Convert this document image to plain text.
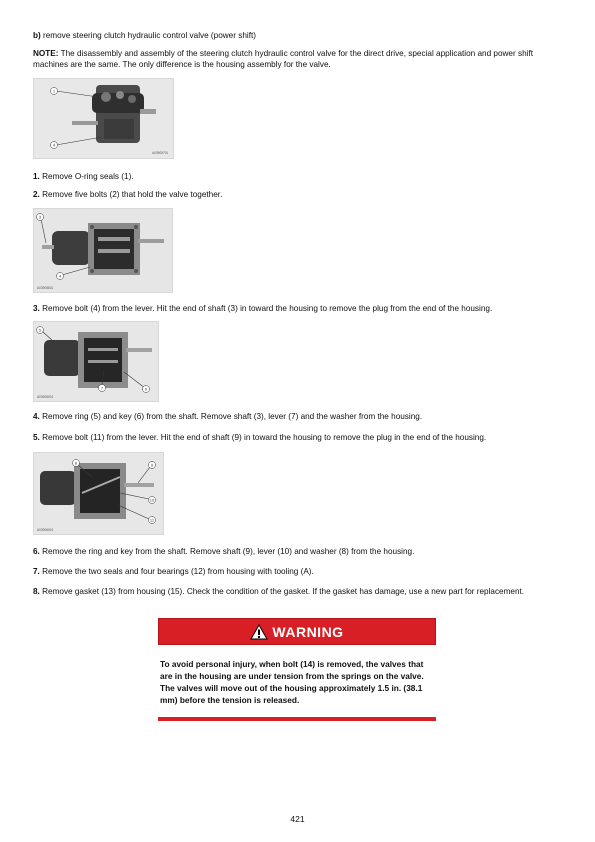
b) remove steering clutch hydraulic control valve (power shift)

NOTE: The disassembly and assembly of the steering clutch hydraulic control valve for the direct drive, special application and power shift machines are the same. The only difference is the housing assembly for the valve.

1
4
A03905701

1. Remove O-ring seals (1).

2. Remove five bolts (2) that hold the valve together.

3
4
A03905801

3. Remove bolt (4) from the lever. Hit the end of shaft (3) in toward the housing to remove the plug from the end of the housing.

5
6
7
A03905901

4. Remove ring (5) and key (6) from the shaft. Remove shaft (3), lever (7) and the washer from the housing.

5. Remove bolt (11) from the lever. Hit the end of shaft (9) in toward the housing to remove the plug in the end of the housing.

8	9
10
11
A03906001

6. Remove the ring and key from the shaft. Remove shaft (9), lever (10) and washer (8) from the housing.

7. Remove the two seals and four bearings (12) from housing with tooling (A).

8. Remove gasket (13) from housing (15). Check the condition of the gasket. If the gasket has damage, use a new part for replacement.

WARNING

To avoid personal injury, when bolt (14) is removed, the valves that are in the housing are under tension from the springs on the valve. The valves will move out of the housing approximately 1.5 in. (38.1 mm) before the tension is released.

421
